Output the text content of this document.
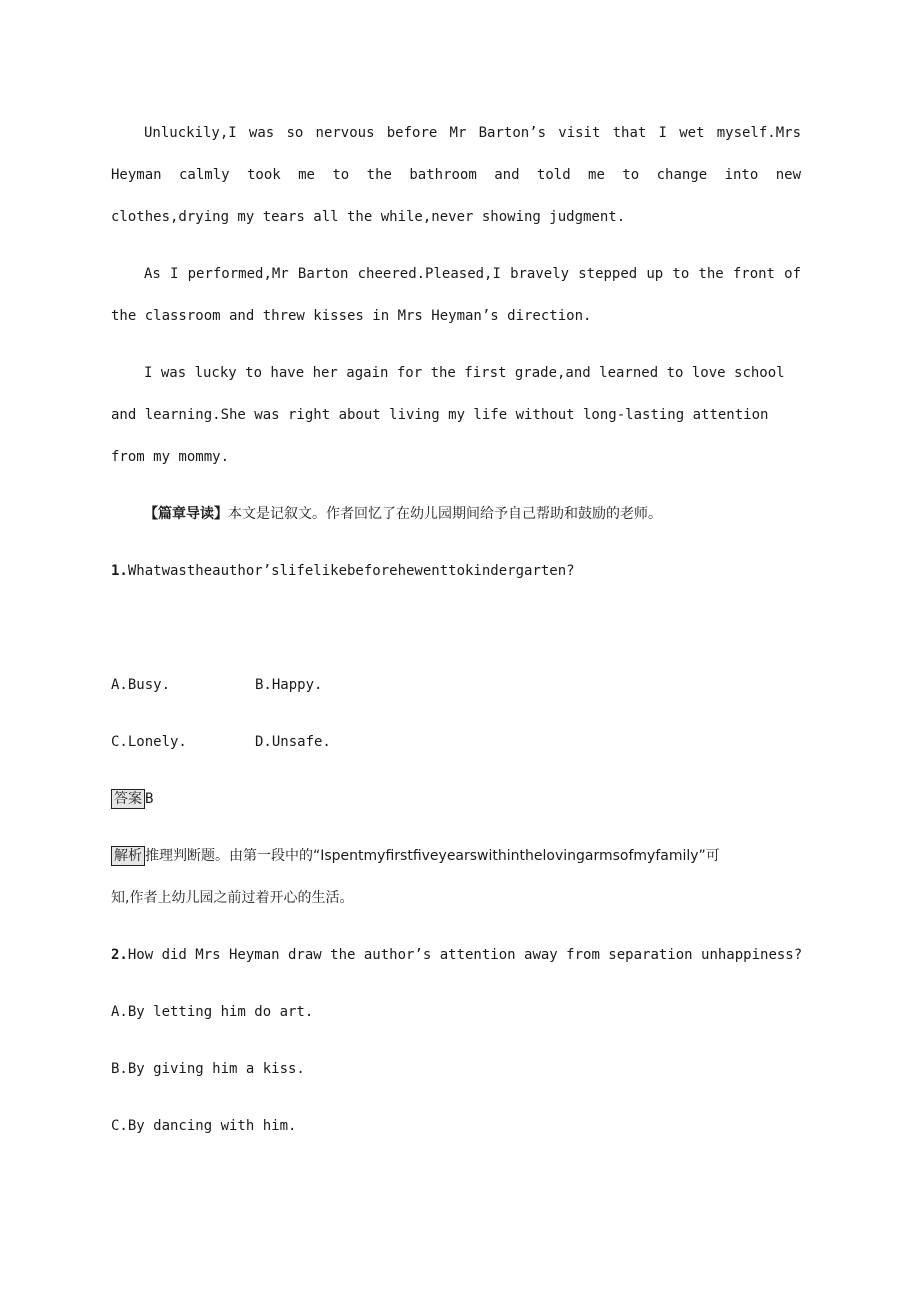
Unluckily,I was so nervous before Mr Barton’s visit that I wet myself.Mrs Heyman calmly took me to the bathroom and told me to change into new clothes,drying my tears all the while,never showing judgment.
As I performed,Mr Barton cheered.Pleased,I bravely stepped up to the front of the classroom and threw kisses in Mrs Heyman’s direction.
I was lucky to have her again for the first grade,and learned to love school and learning.She was right about living my life without long-lasting attention from my mommy.
【篇章导读】本文是记叙文。作者回忆了在幼儿园期间给予自己帮助和鼓励的老师。
1.Whatwastheauthor’slifelikebeforehewenttokindergarten?
A.Busy.	B.Happy.
C.Lonely.	D.Unsafe.
答案 B
解析 推理判断题。由第一段中的“Ispentmyfirstfiveyearswithinthelovingarmsofmyfamily”可
知,作者上幼儿园之前过着开心的生活。
2.How did Mrs Heyman draw the author’s attention away from separation unhappiness?
A.By letting him do art.
B.By giving him a kiss.
C.By dancing with him.
